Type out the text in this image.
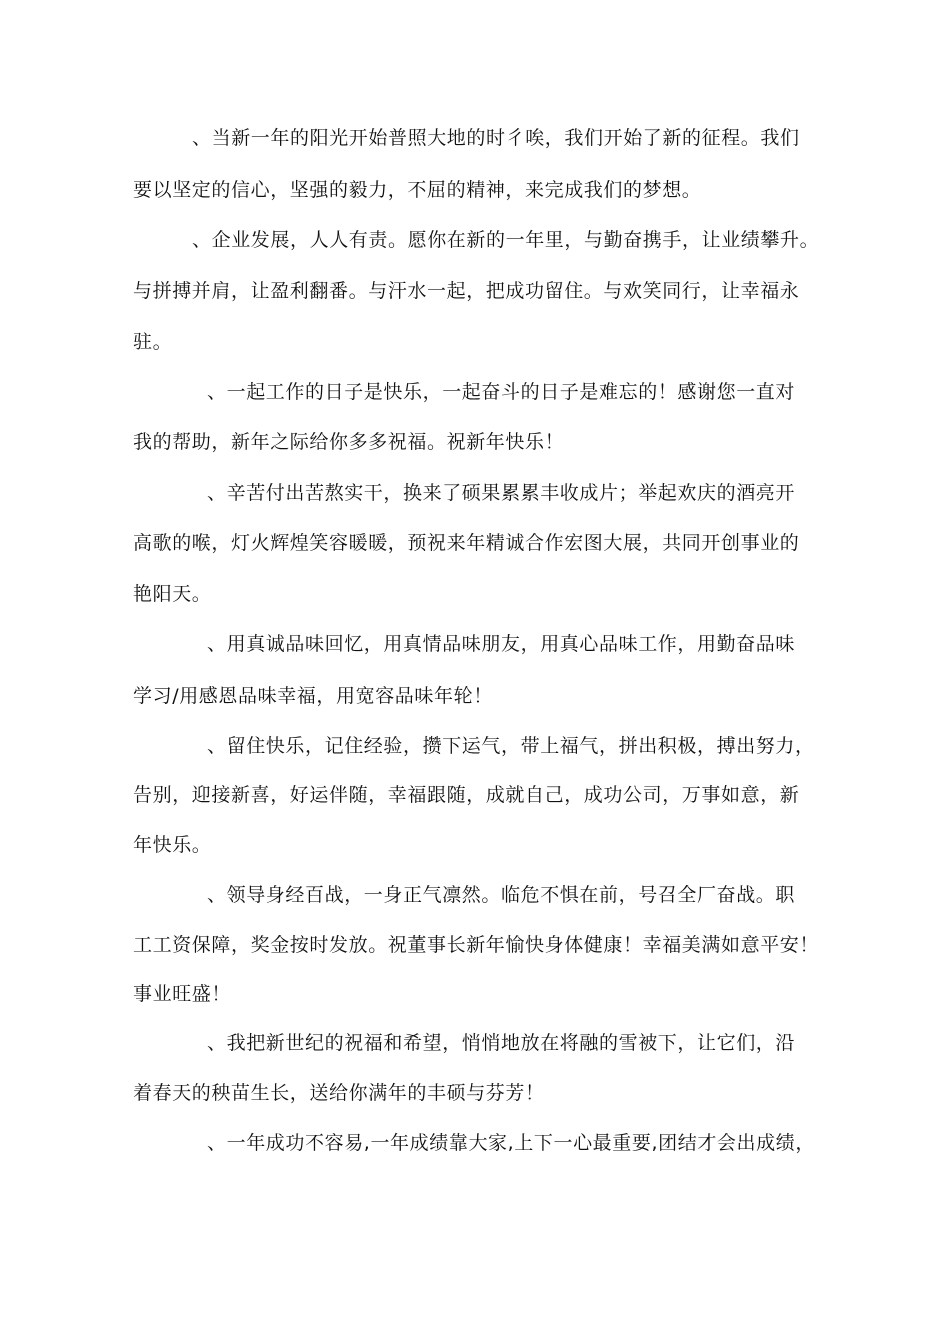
、当新一年的阳光开始普照大地的时彳唉，我们开始了新的征程。我们
要以坚定的信心，坚强的毅力，不屈的精神，来完成我们的梦想。
、企业发展，人人有责。愿你在新的一年里，与勤奋携手，让业绩攀升。
与拼搏并肩，让盈利翻番。与汗水一起，把成功留住。与欢笑同行，让幸福永
驻。
、一起工作的日子是快乐，一起奋斗的日子是难忘的！感谢您一直对
我的帮助，新年之际给你多多祝福。祝新年快乐！
、辛苦付出苦熬实干，换来了硕果累累丰收成片；举起欢庆的酒亮开
高歌的喉，灯火辉煌笑容暖暖，预祝来年精诚合作宏图大展，共同开创事业的
艳阳天。
、用真诚品味回忆，用真情品味朋友，用真心品味工作，用勤奋品味
学习/用感恩品味幸福，用宽容品味年轮！
、留住快乐，记住经验，攒下运气，带上福气，拼出积极，搏出努力，
告别，迎接新喜，好运伴随，幸福跟随，成就自己，成功公司，万事如意，新
年快乐。
、领导身经百战，一身正气凛然。临危不惧在前，号召全厂奋战。职
工工资保障，奖金按时发放。祝董事长新年愉快身体健康！幸福美满如意平安！
事业旺盛！
、我把新世纪的祝福和希望，悄悄地放在将融的雪被下，让它们，沿
着春天的秧苗生长，送给你满年的丰硕与芬芳！
、一年成功不容易,一年成绩靠大家,上下一心最重要,团结才会出成绩，
